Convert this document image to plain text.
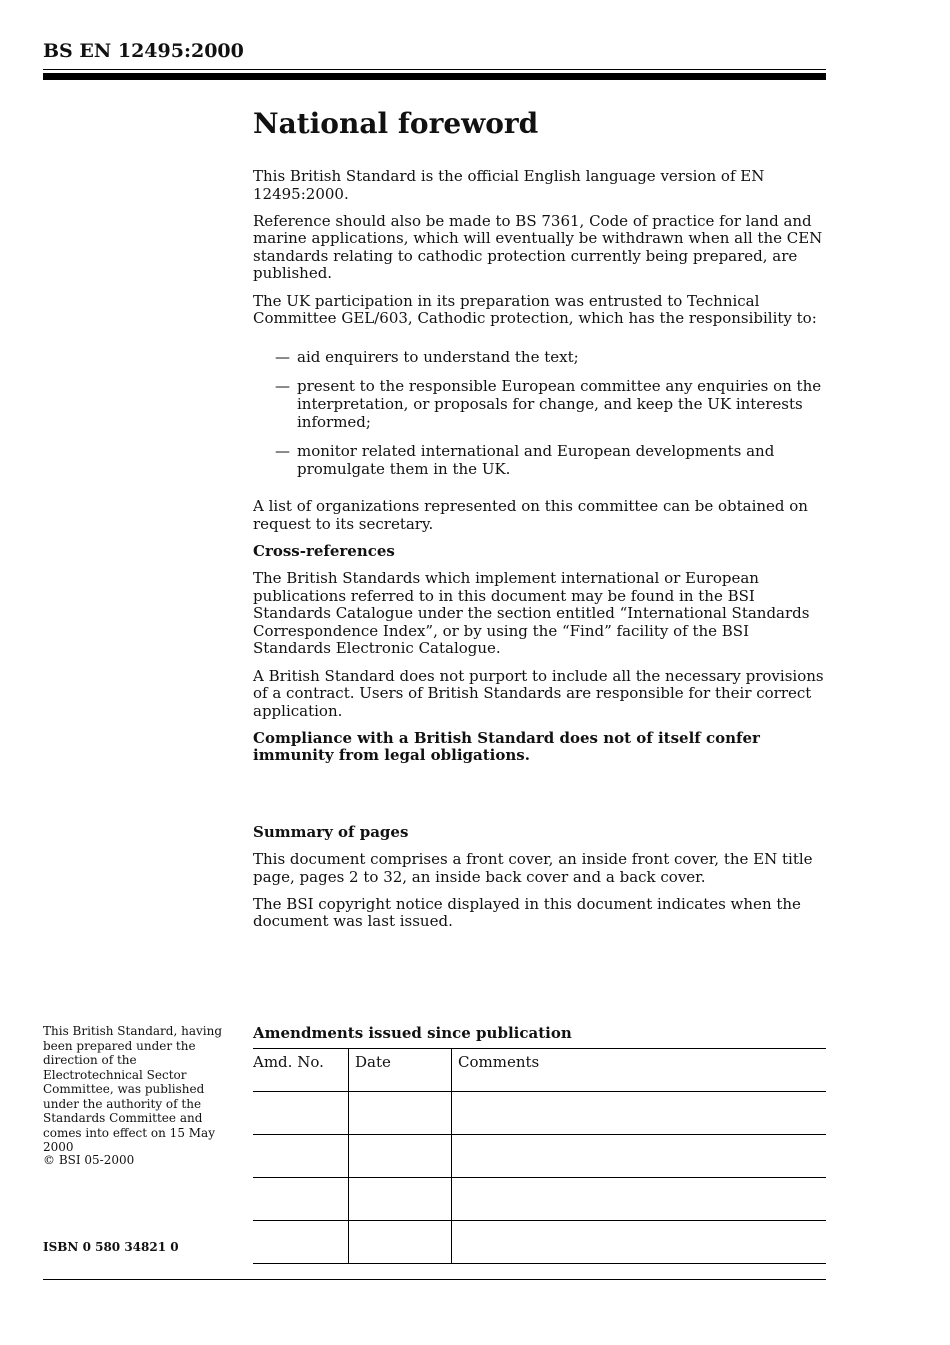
BS EN 12495:2000
National foreword

This British Standard is the official English language version of EN 12495:2000.

Reference should also be made to BS 7361, Code of practice for land and marine applications, which will eventually be withdrawn when all the CEN standards relating to cathodic protection currently being prepared, are published.

The UK participation in its preparation was entrusted to Technical Committee GEL/603, Cathodic protection, which has the responsibility to:

— aid enquirers to understand the text;
— present to the responsible European committee any enquiries on the interpretation, or proposals for change, and keep the UK interests informed;
— monitor related international and European developments and promulgate them in the UK.

A list of organizations represented on this committee can be obtained on request to its secretary.

Cross-references

The British Standards which implement international or European publications referred to in this document may be found in the BSI Standards Catalogue under the section entitled “International Standards Correspondence Index”, or by using the “Find” facility of the BSI Standards Electronic Catalogue.

A British Standard does not purport to include all the necessary provisions of a contract. Users of British Standards are responsible for their correct application.

Compliance with a British Standard does not of itself confer immunity from legal obligations.

Summary of pages

This document comprises a front cover, an inside front cover, the EN title page, pages 2 to 32, an inside back cover and a back cover.

The BSI copyright notice displayed in this document indicates when the document was last issued.

This British Standard, having been prepared under the direction of the Electrotechnical Sector Committee, was published under the authority of the Standards Committee and comes into effect on 15 May 2000
© BSI 05-2000
ISBN 0 580 34821 0
Amendments issued since publication
Amd. No.	Date	Comments
